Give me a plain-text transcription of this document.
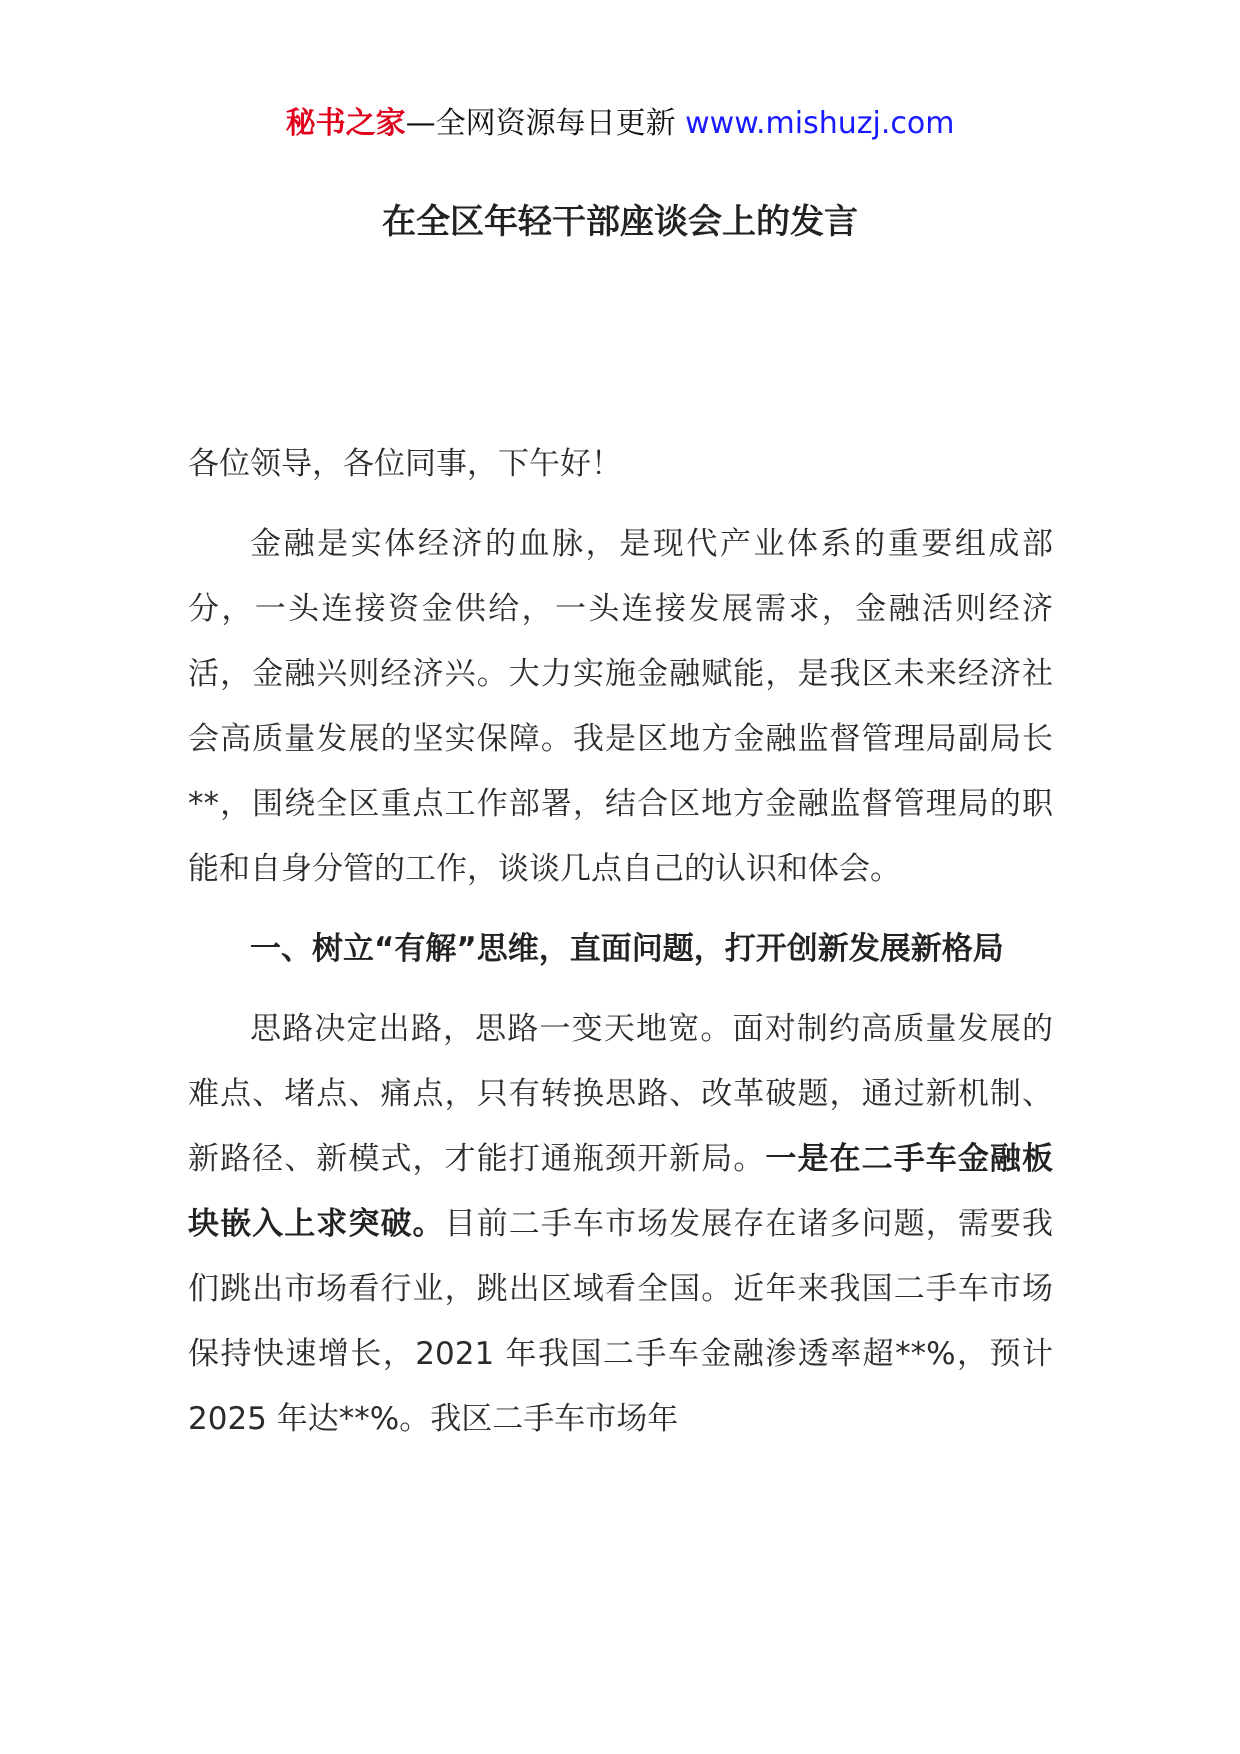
秘书之家—全网资源每日更新 www.mishuzj.com
在全区年轻干部座谈会上的发言

各位领导，各位同事，下午好！

金融是实体经济的血脉，是现代产业体系的重要组成部分，一头连接资金供给，一头连接发展需求，金融活则经济活，金融兴则经济兴。大力实施金融赋能，是我区未来经济社会高质量发展的坚实保障。我是区地方金融监督管理局副局长**，围绕全区重点工作部署，结合区地方金融监督管理局的职能和自身分管的工作，谈谈几点自己的认识和体会。

一、树立“有解”思维，直面问题，打开创新发展新格局

思路决定出路，思路一变天地宽。面对制约高质量发展的难点、堵点、痛点，只有转换思路、改革破题，通过新机制、新路径、新模式，才能打通瓶颈开新局。一是在二手车金融板块嵌入上求突破。目前二手车市场发展存在诸多问题，需要我们跳出市场看行业，跳出区域看全国。近年来我国二手车市场保持快速增长，2021 年我国二手车金融渗透率超**%，预计 2025 年达**%。我区二手车市场年
